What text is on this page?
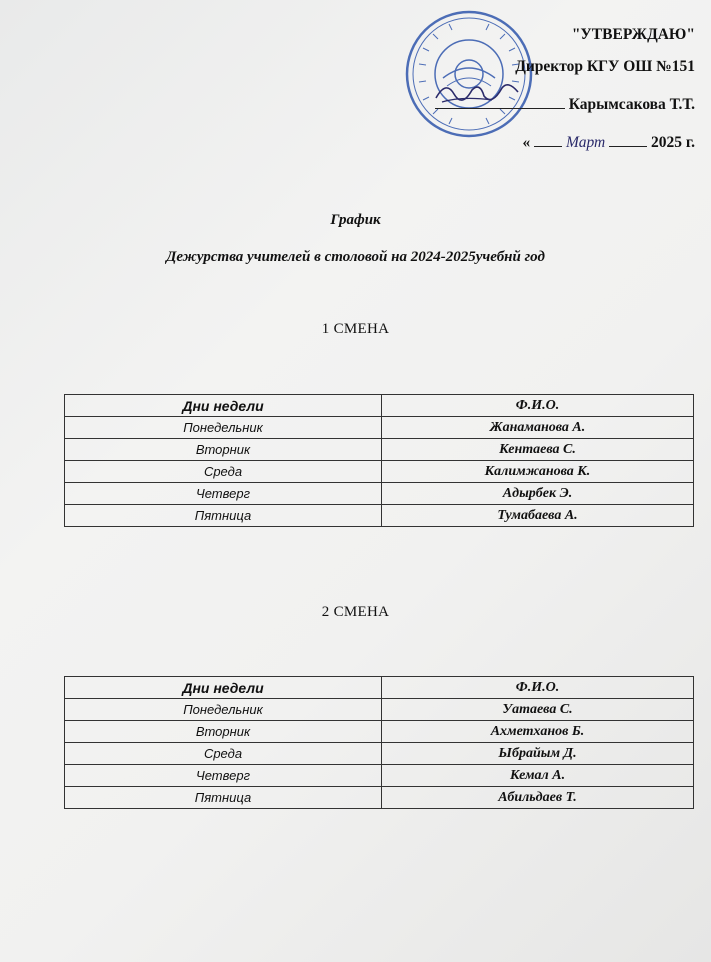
"УТВЕРЖДАЮ"
Директор КГУ ОШ №151
Карымсакова Т.Т.
« Март	2025 г.
График
Дежурства учителей в столовой на 2024-2025учебнй год
1 СМЕНА
Дни недели	Ф.И.О.
Понедельник	Жанаманова А.
Вторник	Кентаева С.
Среда	Калимжанова К.
Четверг	Адырбек Э.
Пятница	Тумабаева А.
2 СМЕНА
Дни недели	Ф.И.О.
Понедельник	Уатаева С.
Вторник	Ахметханов Б.
Среда	Ыбрайым Д.
Четверг	Кемал А.
Пятница	Абильдаев Т.
